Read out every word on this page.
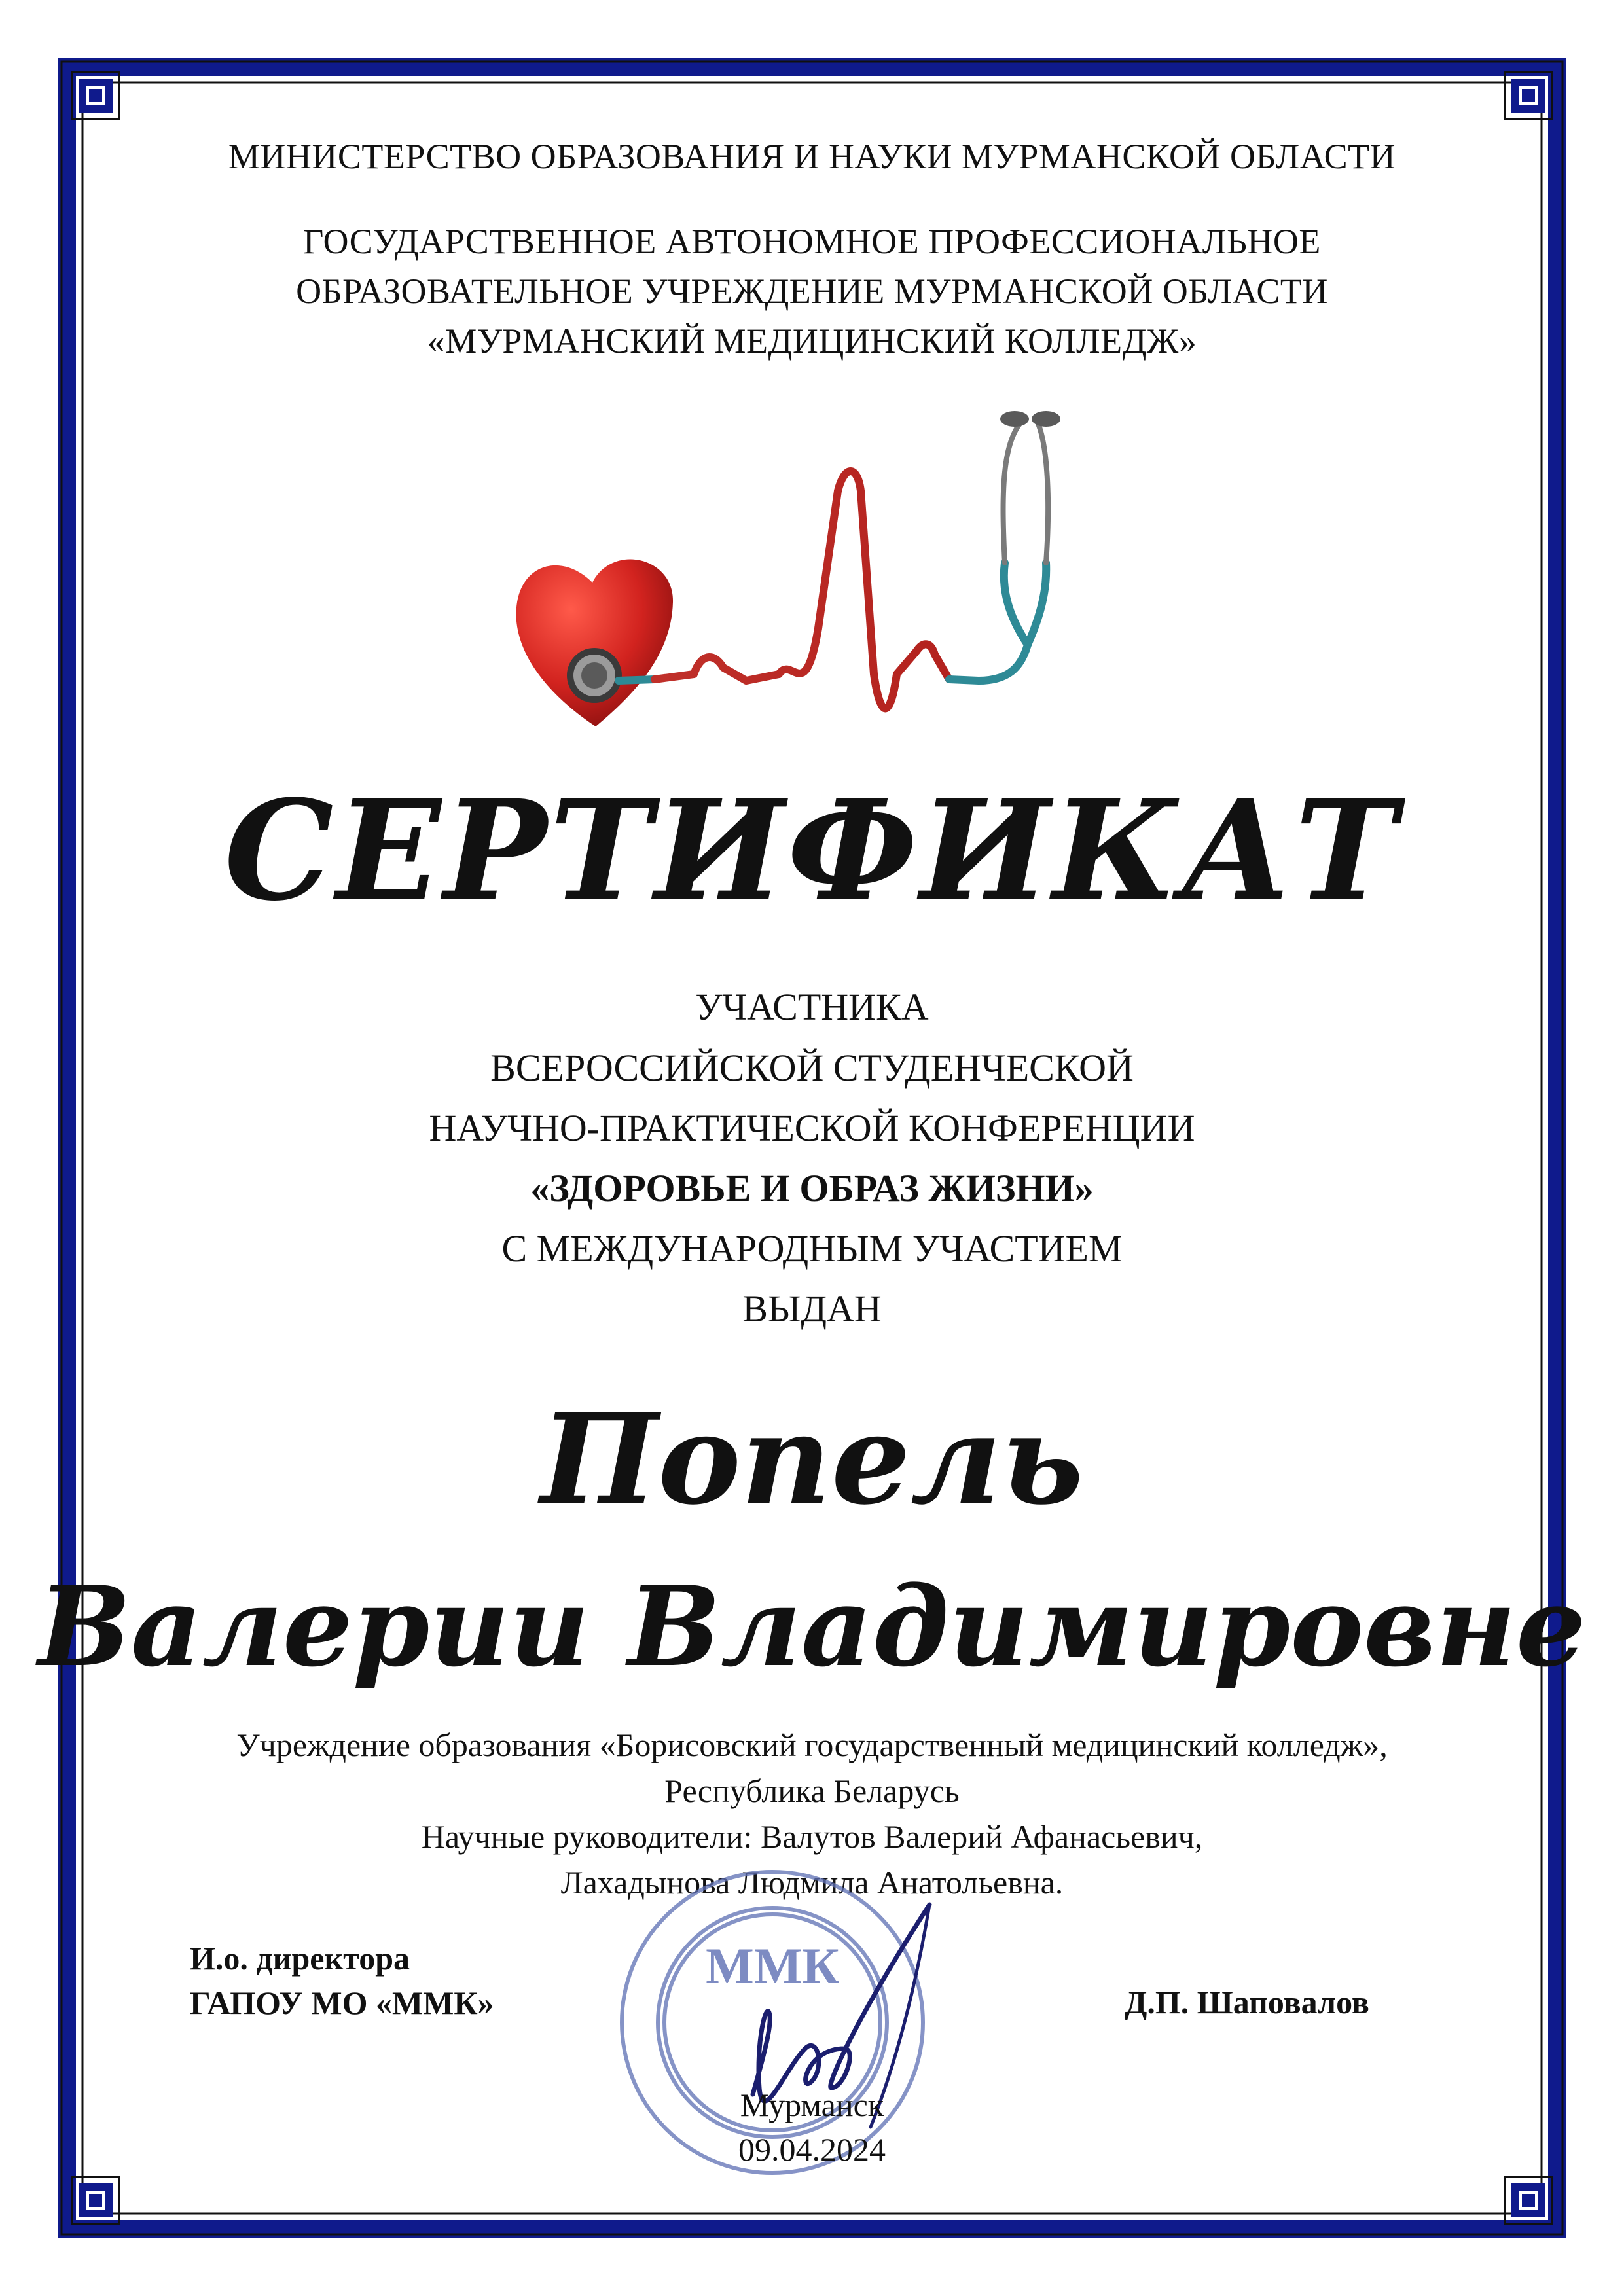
МИНИСТЕРСТВО ОБРАЗОВАНИЯ И НАУКИ МУРМАНСКОЙ ОБЛАСТИ
ГОСУДАРСТВЕННОЕ АВТОНОМНОЕ ПРОФЕССИОНАЛЬНОЕ
ОБРАЗОВАТЕЛЬНОЕ УЧРЕЖДЕНИЕ МУРМАНСКОЙ ОБЛАСТИ
«МУРМАНСКИЙ МЕДИЦИНСКИЙ КОЛЛЕДЖ»
СЕРТИФИКАТ
УЧАСТНИКА
ВСЕРОССИЙСКОЙ СТУДЕНЧЕСКОЙ
НАУЧНО-ПРАКТИЧЕСКОЙ КОНФЕРЕНЦИИ
«ЗДОРОВЬЕ И ОБРАЗ ЖИЗНИ»
С МЕЖДУНАРОДНЫМ УЧАСТИЕМ
ВЫДАН
Попель
Валерии Владимировне
Учреждение образования «Борисовский государственный медицинский колледж»,
Республика Беларусь
Научные руководители: Валутов Валерий Афанасьевич,
Лахадынова Людмила Анатольевна.
ММК
И.о. директора
ГАПОУ МО «ММК»	Д.П. Шаповалов
Мурманск
09.04.2024
